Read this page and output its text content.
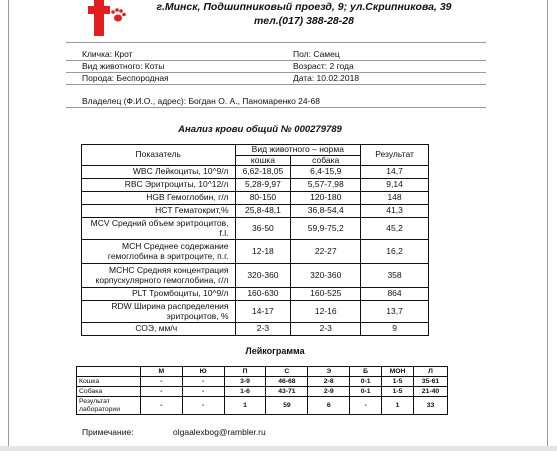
г.Минск, Подшипниковый проезд, 9; ул.Скрипникова, 39
тел.(017) 388-28-28
Кличка: Крот	Пол: Самец
Вид животного: Коты	Возраст: 2 года
Порода: Беспородная	Дата: 10.02.2018
Владелец (Ф.И.О., адрес): Богдан О. А., Паномаренко 24-68
Анализ крови общий № 000279789
Показатель	Вид животного – норма		Результат
	кошка	собака	
WBC Лейкоциты, 10^9/л	6,62-18,05	6,4-15,9	14,7
RBC Эритроциты, 10^12/л	5,28-9,97	5,57-7,98	9,14
HGB Гемоглобин, г/л	80-150	120-180	148
HCT Гематокрит,%	25,8-48,1	36,8-54,4	41,3
MCV Средний объем эритроцитов, f.l.	36-50	59,9-75,2	45,2
MCH Среднее содержание гемоглобина в эритроците, п.г.	12-18	22-27	16,2
MCHC Средняя концентрация корпускулярного гемоглобина, г/л	320-360	320-360	358
PLT Тромбоциты, 10^9/л	160-630	160-525	864
RDW Ширина распределения эритроцитов, %	14-17	12-16	13,7
СОЭ, мм/ч	2-3	2-3	9
Лейкограмма
	М	Ю	П	С	Э	Б	МОН	Л
Кошка	-	-	3-9	46-68	2-8	0-1	1-5	35-61
Собака	-	-	1-6	43-71	2-9	0-1	1-5	21-40
Результат лаборатории	-	-	1	59	6	-	1	33
Примечание:	olgaalexbog@rambler.ru
